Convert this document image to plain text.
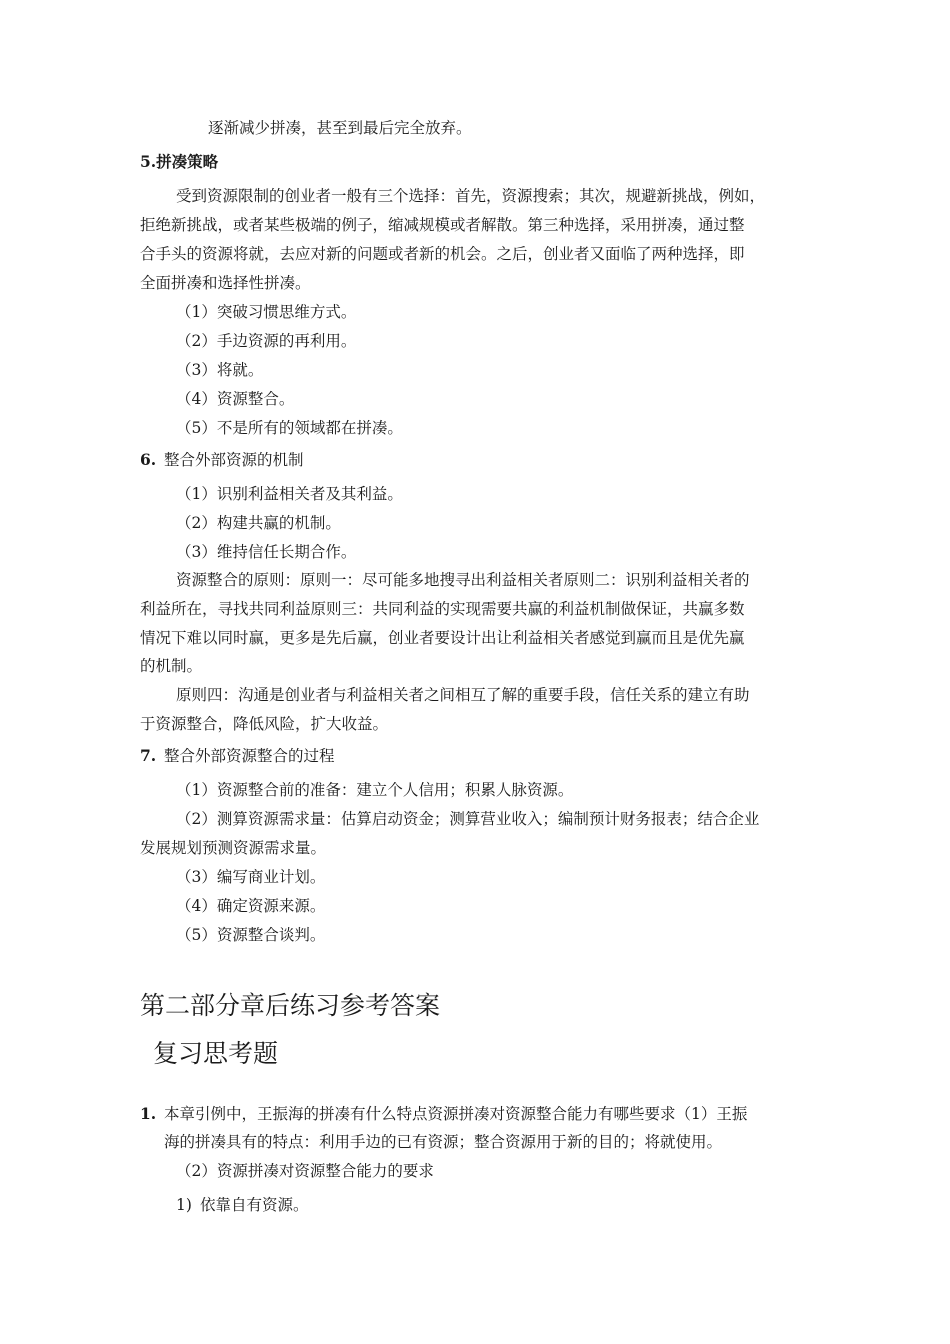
逐渐减少拼凑，甚至到最后完全放弃。
5.拼凑策略
受到资源限制的创业者一般有三个选择：首先，资源搜索；其次，规避新挑战，例如，
拒绝新挑战，或者某些极端的例子，缩减规模或者解散。第三种选择，采用拼凑，通过整
合手头的资源将就，去应对新的问题或者新的机会。之后，创业者又面临了两种选择，即
全面拼凑和选择性拼凑。
（1）突破习惯思维方式。
（2）手边资源的再利用。
（3）将就。
（4）资源整合。
（5）不是所有的领域都在拼凑。
6. 整合外部资源的机制
（1）识别利益相关者及其利益。
（2）构建共赢的机制。
（3）维持信任长期合作。
资源整合的原则：原则一：尽可能多地搜寻出利益相关者原则二：识别利益相关者的
利益所在，寻找共同利益原则三：共同利益的实现需要共赢的利益机制做保证，共赢多数
情况下难以同时赢，更多是先后赢，创业者要设计出让利益相关者感觉到赢而且是优先赢
的机制。
原则四：沟通是创业者与利益相关者之间相互了解的重要手段，信任关系的建立有助
于资源整合，降低风险，扩大收益。
7. 整合外部资源整合的过程
（1）资源整合前的准备：建立个人信用；积累人脉资源。
（2）测算资源需求量：估算启动资金；测算营业收入；编制预计财务报表；结合企业
发展规划预测资源需求量。
（3）编写商业计划。
（4）确定资源来源。
（5）资源整合谈判。
第二部分章后练习参考答案
复习思考题
1. 本章引例中，王振海的拼凑有什么特点资源拼凑对资源整合能力有哪些要求（1）王振
海的拼凑具有的特点：利用手边的已有资源；整合资源用于新的目的；将就使用。
（2）资源拼凑对资源整合能力的要求
1) 依靠自有资源。
